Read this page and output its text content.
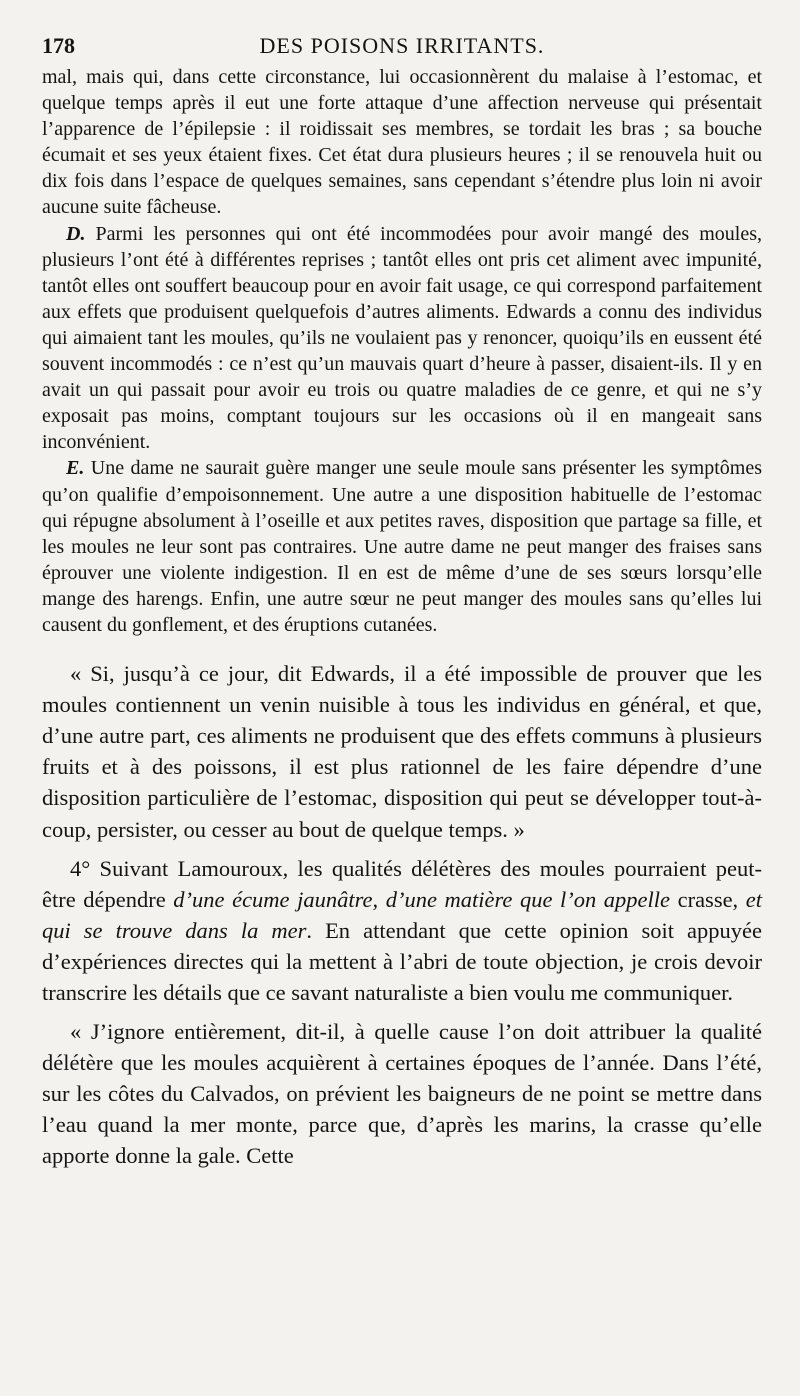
178	DES POISONS IRRITANTS.

mal, mais qui, dans cette circonstance, lui occasionnèrent du malaise à l’estomac, et quelque temps après il eut une forte attaque d’une affection nerveuse qui présentait l’apparence de l’épilepsie : il roidissait ses membres, se tordait les bras ; sa bouche écumait et ses yeux étaient fixes. Cet état dura plusieurs heures ; il se renouvela huit ou dix fois dans l’espace de quelques semaines, sans cependant s’étendre plus loin ni avoir aucune suite fâcheuse.

D. Parmi les personnes qui ont été incommodées pour avoir mangé des moules, plusieurs l’ont été à différentes reprises ; tantôt elles ont pris cet aliment avec impunité, tantôt elles ont souffert beaucoup pour en avoir fait usage, ce qui correspond parfaitement aux effets que produisent quelquefois d’autres aliments. Edwards a connu des individus qui aimaient tant les moules, qu’ils ne voulaient pas y renoncer, quoiqu’ils en eussent été souvent incommodés : ce n’est qu’un mauvais quart d’heure à passer, disaient-ils. Il y en avait un qui passait pour avoir eu trois ou quatre maladies de ce genre, et qui ne s’y exposait pas moins, comptant toujours sur les occasions où il en mangeait sans inconvénient.

E. Une dame ne saurait guère manger une seule moule sans présenter les symptômes qu’on qualifie d’empoisonnement. Une autre a une disposition habituelle de l’estomac qui répugne absolument à l’oseille et aux petites raves, disposition que partage sa fille, et les moules ne leur sont pas contraires. Une autre dame ne peut manger des fraises sans éprouver une violente indigestion. Il en est de même d’une de ses sœurs lorsqu’elle mange des harengs. Enfin, une autre sœur ne peut manger des moules sans qu’elles lui causent du gonflement, et des éruptions cutanées.

« Si, jusqu’à ce jour, dit Edwards, il a été impossible de prouver que les moules contiennent un venin nuisible à tous les individus en général, et que, d’une autre part, ces aliments ne produisent que des effets communs à plusieurs fruits et à des poissons, il est plus rationnel de les faire dépendre d’une disposition particulière de l’estomac, disposition qui peut se développer tout-à-coup, persister, ou cesser au bout de quelque temps. »

4° Suivant Lamouroux, les qualités délétères des moules pourraient peut-être dépendre d’une écume jaunâtre, d’une matière que l’on appelle crasse, et qui se trouve dans la mer. En attendant que cette opinion soit appuyée d’expériences directes qui la mettent à l’abri de toute objection, je crois devoir transcrire les détails que ce savant naturaliste a bien voulu me communiquer.

« J’ignore entièrement, dit-il, à quelle cause l’on doit attribuer la qualité délétère que les moules acquièrent à certaines époques de l’année. Dans l’été, sur les côtes du Calvados, on prévient les baigneurs de ne point se mettre dans l’eau quand la mer monte, parce que, d’après les marins, la crasse qu’elle apporte donne la gale. Cette
